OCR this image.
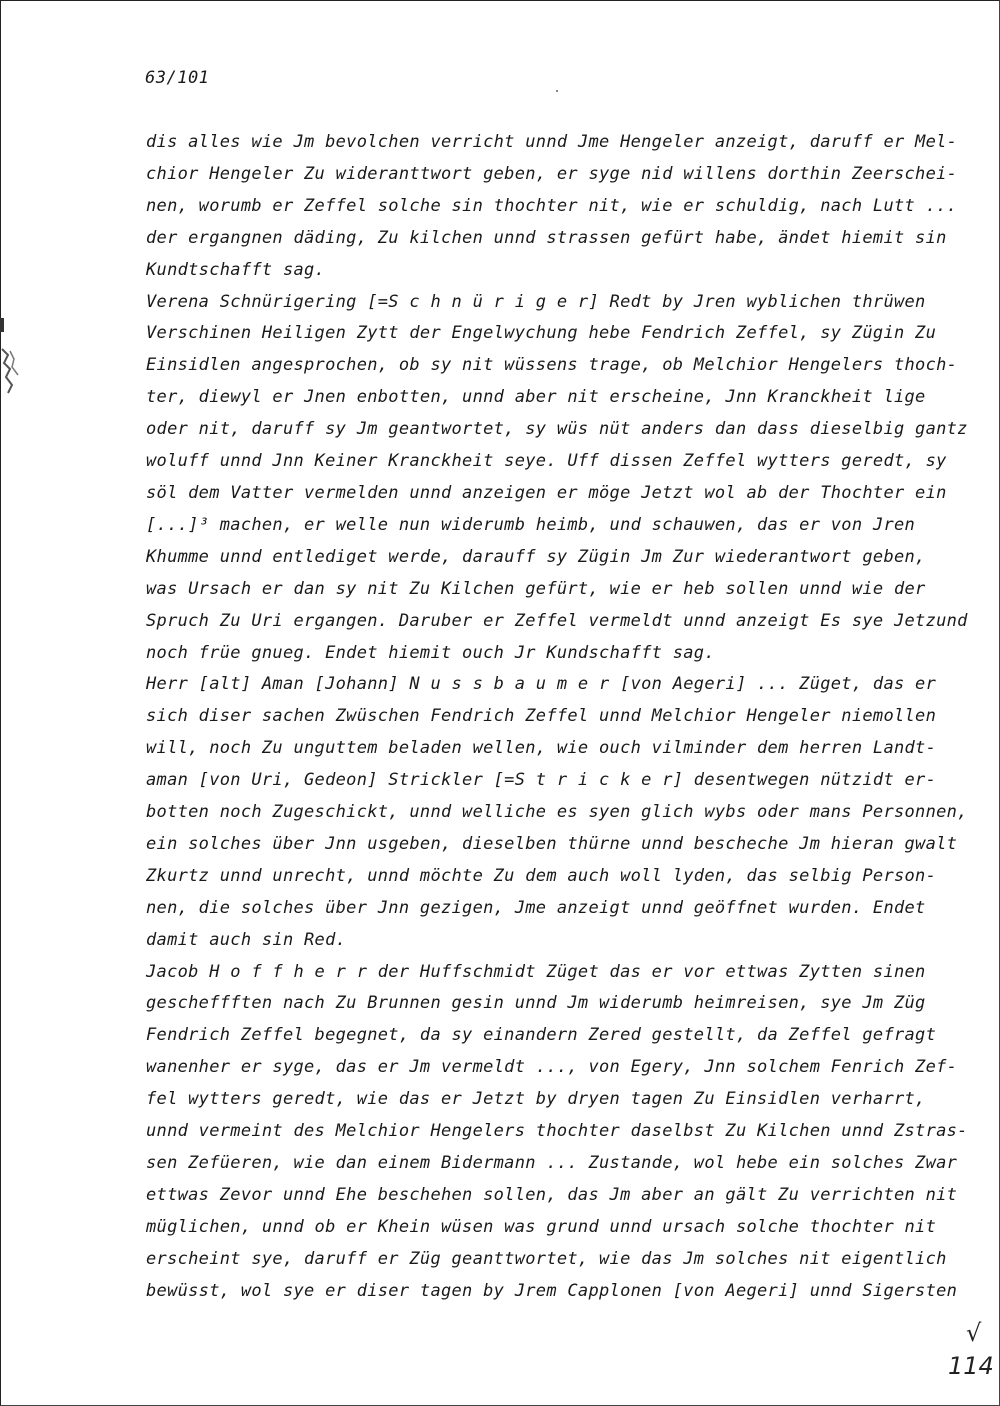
63/101
dis alles wie Jm bevolchen verricht unnd Jme Hengeler anzeigt, daruff er Mel-
chior Hengeler Zu wideranttwort geben, er syge nid willens dorthin Zeerschei-
nen, worumb er Zeffel solche sin thochter nit, wie er schuldig, nach Lutt ...
der ergangnen däding, Zu kilchen unnd strassen gefürt habe, ändet hiemit sin
Kundtschafft sag.
Verena Schnürigering [=S c h n ü r i g e r] Redt by Jren wyblichen thrüwen
Verschinen Heiligen Zytt der Engelwychung hebe Fendrich Zeffel, sy Zügin Zu
Einsidlen angesprochen, ob sy nit wüssens trage, ob Melchior Hengelers thoch-
ter, diewyl er Jnen enbotten, unnd aber nit erscheine, Jnn Kranckheit lige
oder nit, daruff sy Jm geantwortet, sy wüs nüt anders dan dass dieselbig gantz
woluff unnd Jnn Keiner Kranckheit seye. Uff dissen Zeffel wytters geredt, sy
söl dem Vatter vermelden unnd anzeigen er möge Jetzt wol ab der Thochter ein
[...]³ machen, er welle nun widerumb heimb, und schauwen, das er von Jren
Khumme unnd entlediget werde, darauff sy Zügin Jm Zur wiederantwort geben,
was Ursach er dan sy nit Zu Kilchen gefürt, wie er heb sollen unnd wie der
Spruch Zu Uri ergangen. Daruber er Zeffel vermeldt unnd anzeigt Es sye Jetzund
noch früe gnueg. Endet hiemit ouch Jr Kundschafft sag.
Herr [alt] Aman [Johann] N u s s b a u m e r [von Aegeri] ... Züget, das er
sich diser sachen Zwüschen Fendrich Zeffel unnd Melchior Hengeler niemollen
will, noch Zu unguttem beladen wellen, wie ouch vilminder dem herren Landt-
aman [von Uri, Gedeon] Strickler [=S t r i c k e r] desentwegen nützidt er-
botten noch Zugeschickt, unnd welliche es syen glich wybs oder mans Personnen,
ein solches über Jnn usgeben, dieselben thürne unnd bescheche Jm hieran gwalt
Zkurtz unnd unrecht, unnd möchte Zu dem auch woll lyden, das selbig Person-
nen, die solches über Jnn gezigen, Jme anzeigt unnd geöffnet wurden. Endet
damit auch sin Red.
Jacob H o f f h e r r der Huffschmidt Züget das er vor ettwas Zytten sinen
gescheffften nach Zu Brunnen gesin unnd Jm widerumb heimreisen, sye Jm Züg
Fendrich Zeffel begegnet, da sy einandern Zered gestellt, da Zeffel gefragt
wanenher er syge, das er Jm vermeldt ..., von Egery, Jnn solchem Fenrich Zef-
fel wytters geredt, wie das er Jetzt by dryen tagen Zu Einsidlen verharrt,
unnd vermeint des Melchior Hengelers thochter daselbst Zu Kilchen unnd Zstras-
sen Zefüeren, wie dan einem Bidermann ... Zustande, wol hebe ein solches Zwar
ettwas Zevor unnd Ehe beschehen sollen, das Jm aber an gält Zu verrichten nit
müglichen, unnd ob er Khein wüsen was grund unnd ursach solche thochter nit
erscheint sye, daruff er Züg geanttwortet, wie das Jm solches nit eigentlich
bewüsst, wol sye er diser tagen by Jrem Capplonen [von Aegeri] unnd Sigersten
√
114
